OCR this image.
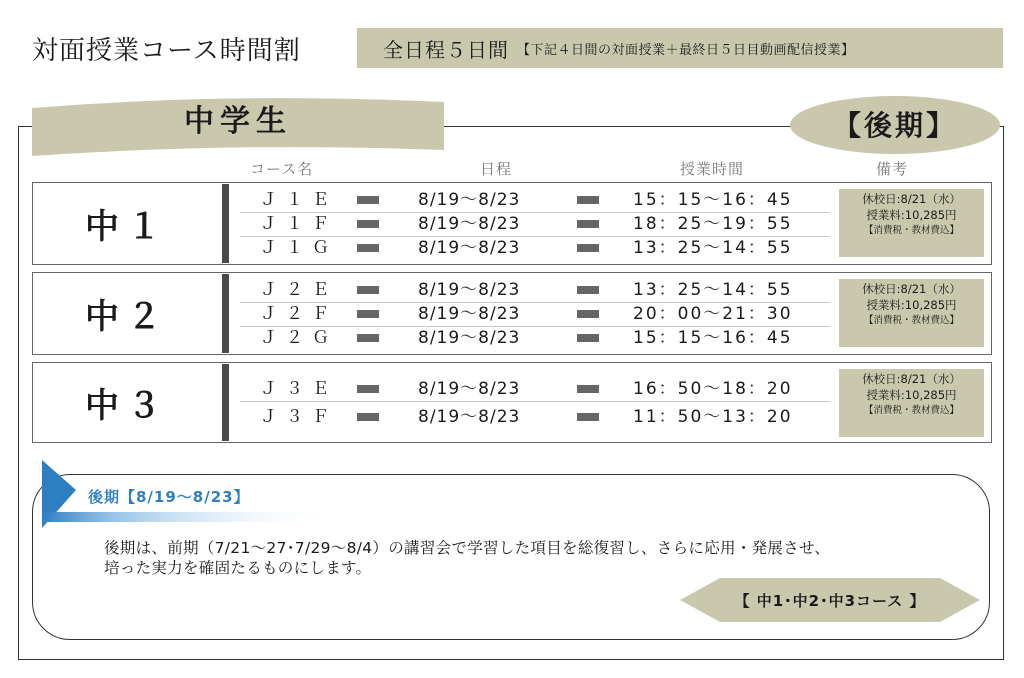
対面授業コース時間割	全日程５日間 【下記４日間の対面授業＋最終日５日目動画配信授業】
中学生	【後期】
コース名	日程	授業時間	備考
中１
Ｊ１Ｅ	8/19〜8/23	15：15〜16：45
Ｊ１Ｆ	8/19〜8/23	18：25〜19：55
Ｊ１Ｇ	8/19〜8/23	13：25〜14：55
休校日:8/21（水）
授業料:10,285円
【消費税・教材費込】
中２
Ｊ２Ｅ	8/19〜8/23	13：25〜14：55
Ｊ２Ｆ	8/19〜8/23	20：00〜21：30
Ｊ２Ｇ	8/19〜8/23	15：15〜16：45
休校日:8/21（水）
授業料:10,285円
【消費税・教材費込】
中３	Ｊ３Ｅ	8/19〜8/23	16：50〜18：20
Ｊ３Ｆ	8/19〜8/23	11：50〜13：20
休校日:8/21（水）
授業料:10,285円
【消費税・教材費込】
後期【8/19〜8/23】
後期は、前期（7/21〜27･7/29〜8/4）の講習会で学習した項目を総復習し、さらに応用・発展させ、
培った実力を確固たるものにします。
【 中1･中2･中3コース 】
